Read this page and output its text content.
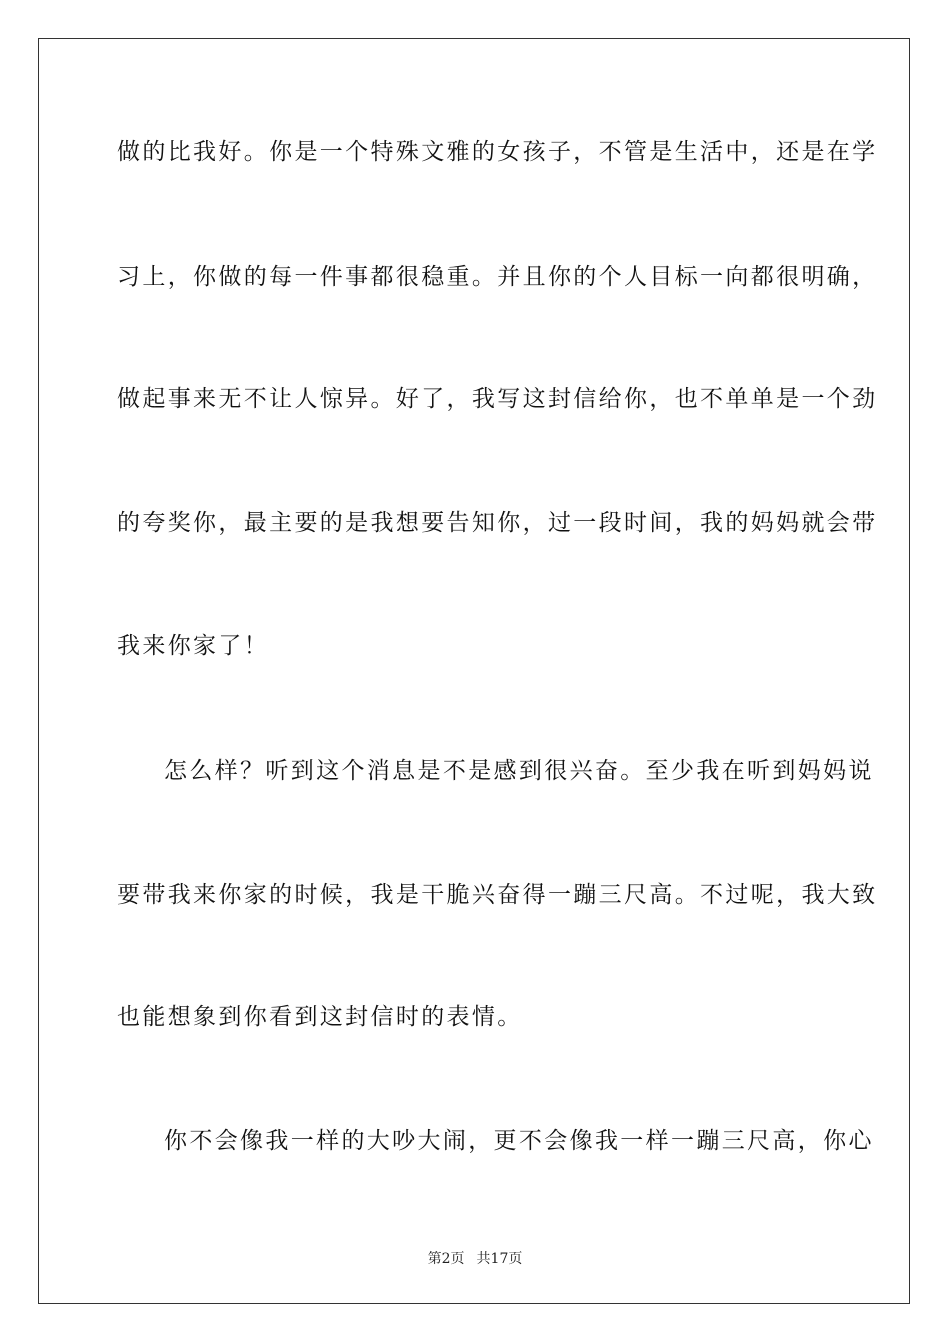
做的比我好。你是一个特殊文雅的女孩子，不管是生活中，还是在学
习上，你做的每一件事都很稳重。并且你的个人目标一向都很明确，
做起事来无不让人惊异。好了，我写这封信给你，也不单单是一个劲
的夸奖你，最主要的是我想要告知你，过一段时间，我的妈妈就会带
我来你家了！
怎么样？听到这个消息是不是感到很兴奋。至少我在听到妈妈说
要带我来你家的时候，我是干脆兴奋得一蹦三尺高。不过呢，我大致
也能想象到你看到这封信时的表情。
你不会像我一样的大吵大闹，更不会像我一样一蹦三尺高，你心
第2页 共17页
